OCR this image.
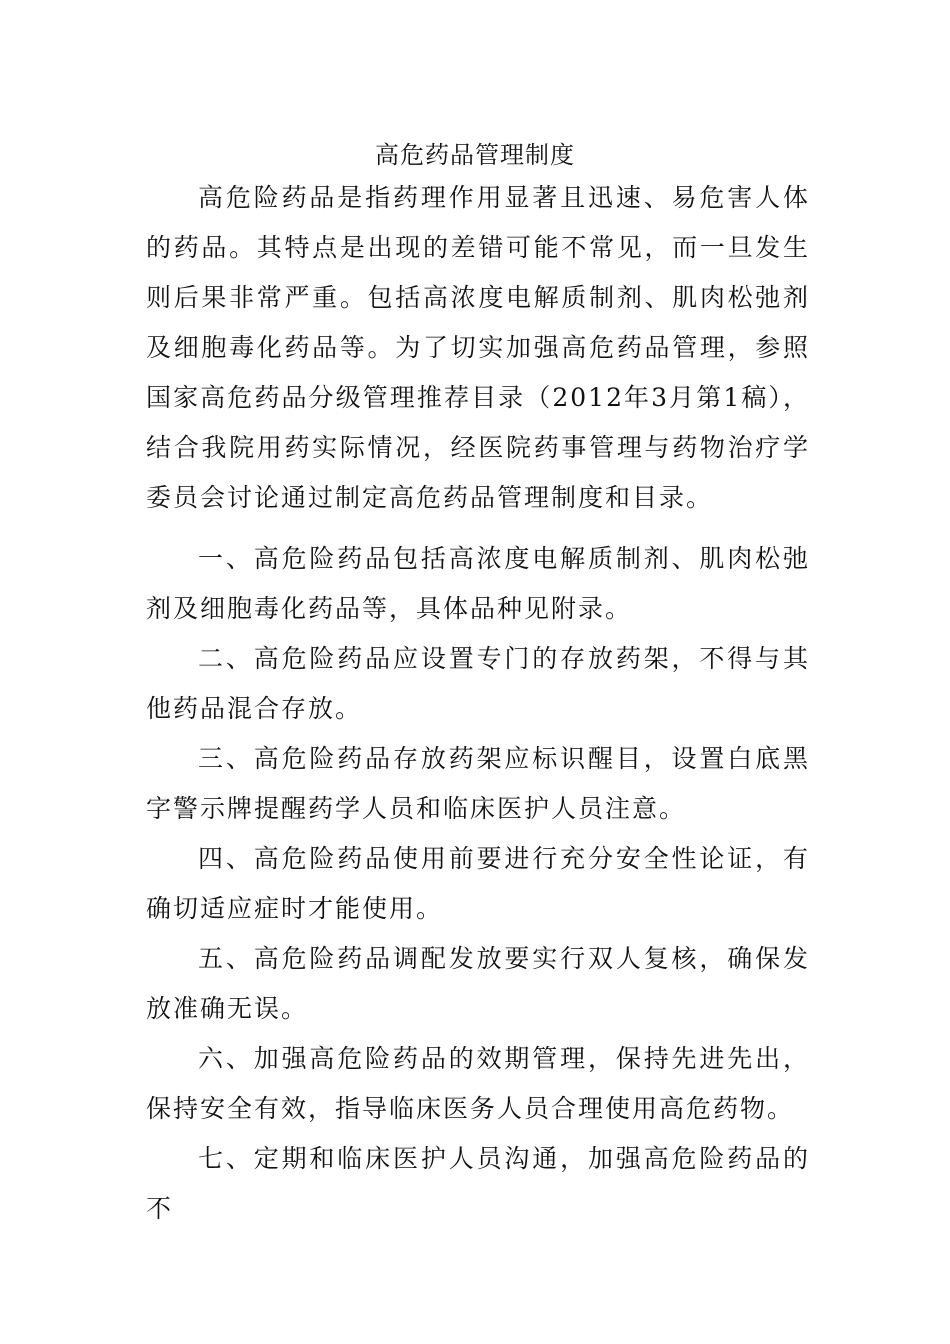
高危药品管理制度
高危险药品是指药理作用显著且迅速、易危害人体的药品。其特点是出现的差错可能不常见，而一旦发生则后果非常严重。包括高浓度电解质制剂、肌肉松弛剂及细胞毒化药品等。为了切实加强高危药品管理，参照国家高危药品分级管理推荐目录（2012年3月第1稿），结合我院用药实际情况，经医院药事管理与药物治疗学委员会讨论通过制定高危药品管理制度和目录。
一、高危险药品包括高浓度电解质制剂、肌肉松弛剂及细胞毒化药品等，具体品种见附录。
二、高危险药品应设置专门的存放药架，不得与其他药品混合存放。
三、高危险药品存放药架应标识醒目，设置白底黑字警示牌提醒药学人员和临床医护人员注意。
四、高危险药品使用前要进行充分安全性论证，有确切适应症时才能使用。
五、高危险药品调配发放要实行双人复核，确保发放准确无误。
六、加强高危险药品的效期管理，保持先进先出，保持安全有效，指导临床医务人员合理使用高危药物。
七、定期和临床医护人员沟通，加强高危险药品的不
